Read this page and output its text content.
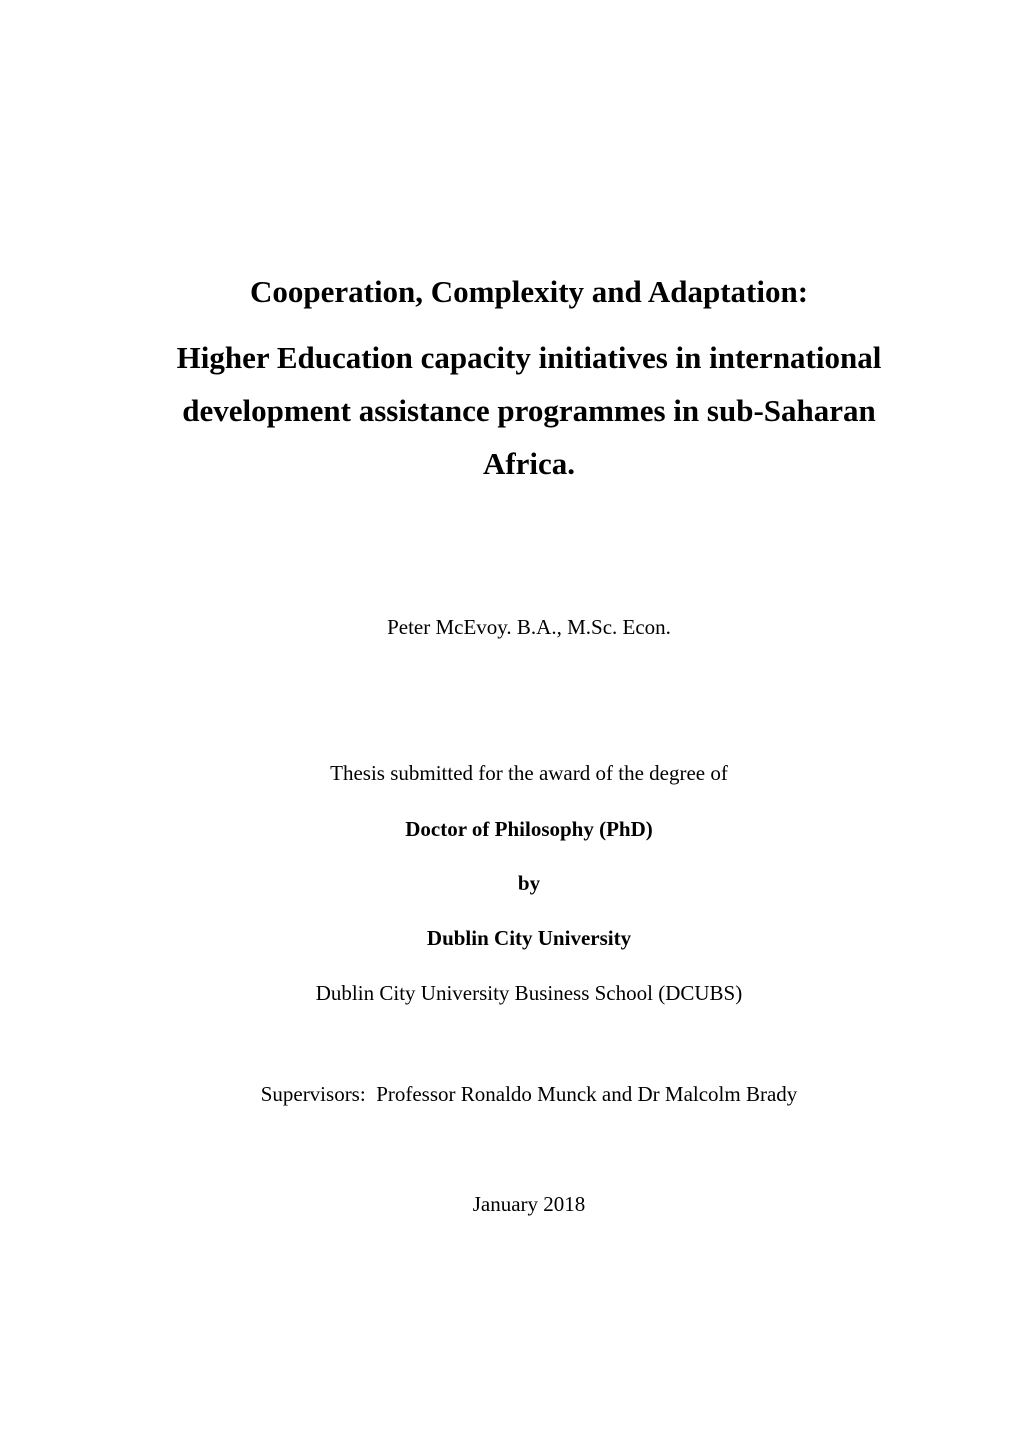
Cooperation, Complexity and Adaptation:
Higher Education capacity initiatives in international
development assistance programmes in sub-Saharan
Africa.
Peter McEvoy. B.A., M.Sc. Econ.
Thesis submitted for the award of the degree of
Doctor of Philosophy (PhD)
by
Dublin City University
Dublin City University Business School (DCUBS)
Supervisors:  Professor Ronaldo Munck and Dr Malcolm Brady
January 2018
